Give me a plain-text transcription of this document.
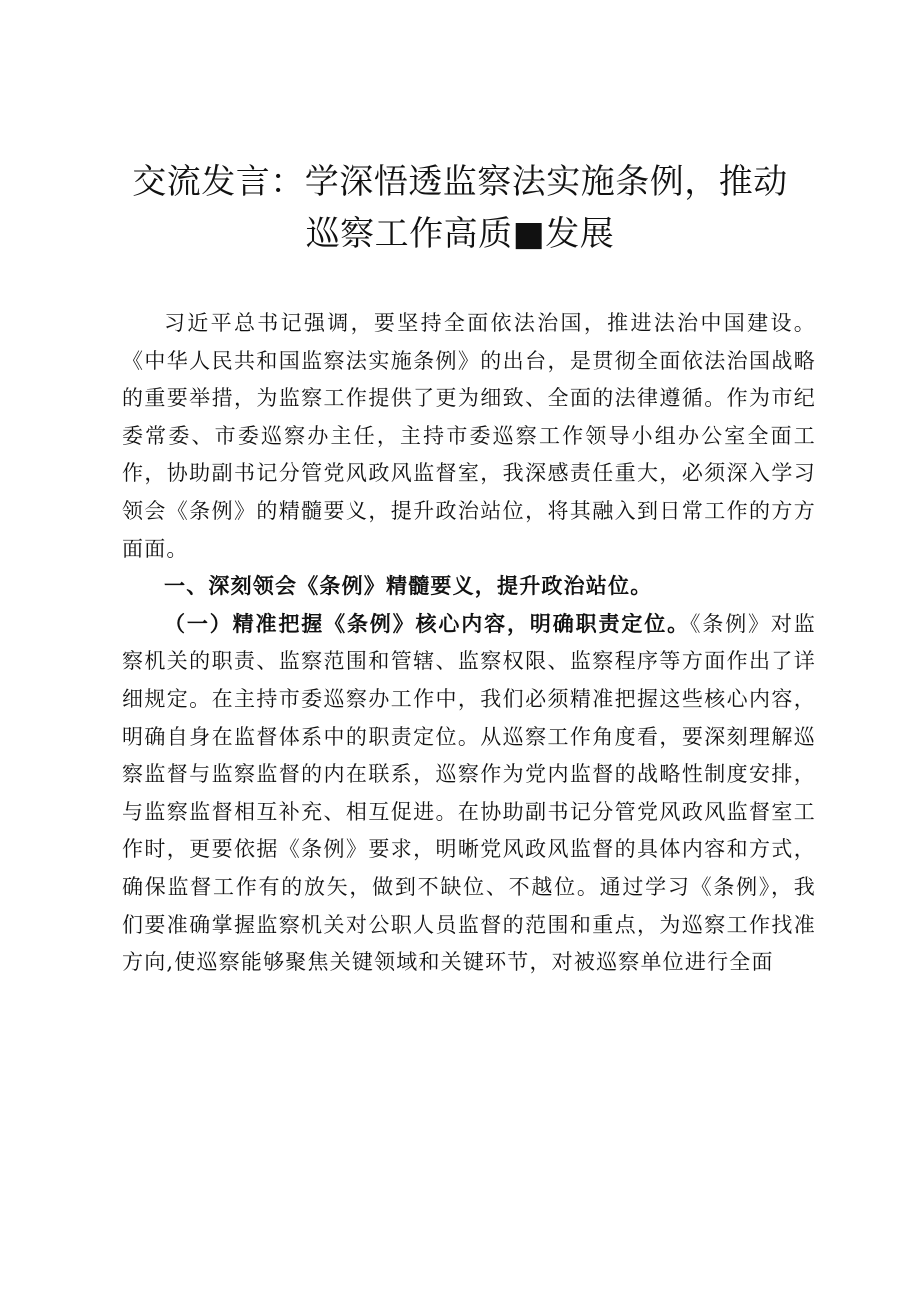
交流发言：学深悟透监察法实施条例，推动巡察工作高质■发展

习近平总书记强调，要坚持全面依法治国，推进法治中国建设。《中华人民共和国监察法实施条例》的出台，是贯彻全面依法治国战略的重要举措，为监察工作提供了更为细致、全面的法律遵循。作为市纪委常委、市委巡察办主任，主持市委巡察工作领导小组办公室全面工作，协助副书记分管党风政风监督室，我深感责任重大，必须深入学习领会《条例》的精髓要义，提升政治站位，将其融入到日常工作的方方面面。

一、深刻领会《条例》精髓要义，提升政治站位。

（一）精准把握《条例》核心内容，明确职责定位。《条例》对监察机关的职责、监察范围和管辖、监察权限、监察程序等方面作出了详细规定。在主持市委巡察办工作中，我们必须精准把握这些核心内容，明确自身在监督体系中的职责定位。从巡察工作角度看，要深刻理解巡察监督与监察监督的内在联系，巡察作为党内监督的战略性制度安排，与监察监督相互补充、相互促进。在协助副书记分管党风政风监督室工作时，更要依据《条例》要求，明晰党风政风监督的具体内容和方式，确保监督工作有的放矢，做到不缺位、不越位。通过学习《条例》，我们要准确掌握监察机关对公职人员监督的范围和重点，为巡察工作找准方向,使巡察能够聚焦关键领域和关键环节，对被巡察单位进行全面
